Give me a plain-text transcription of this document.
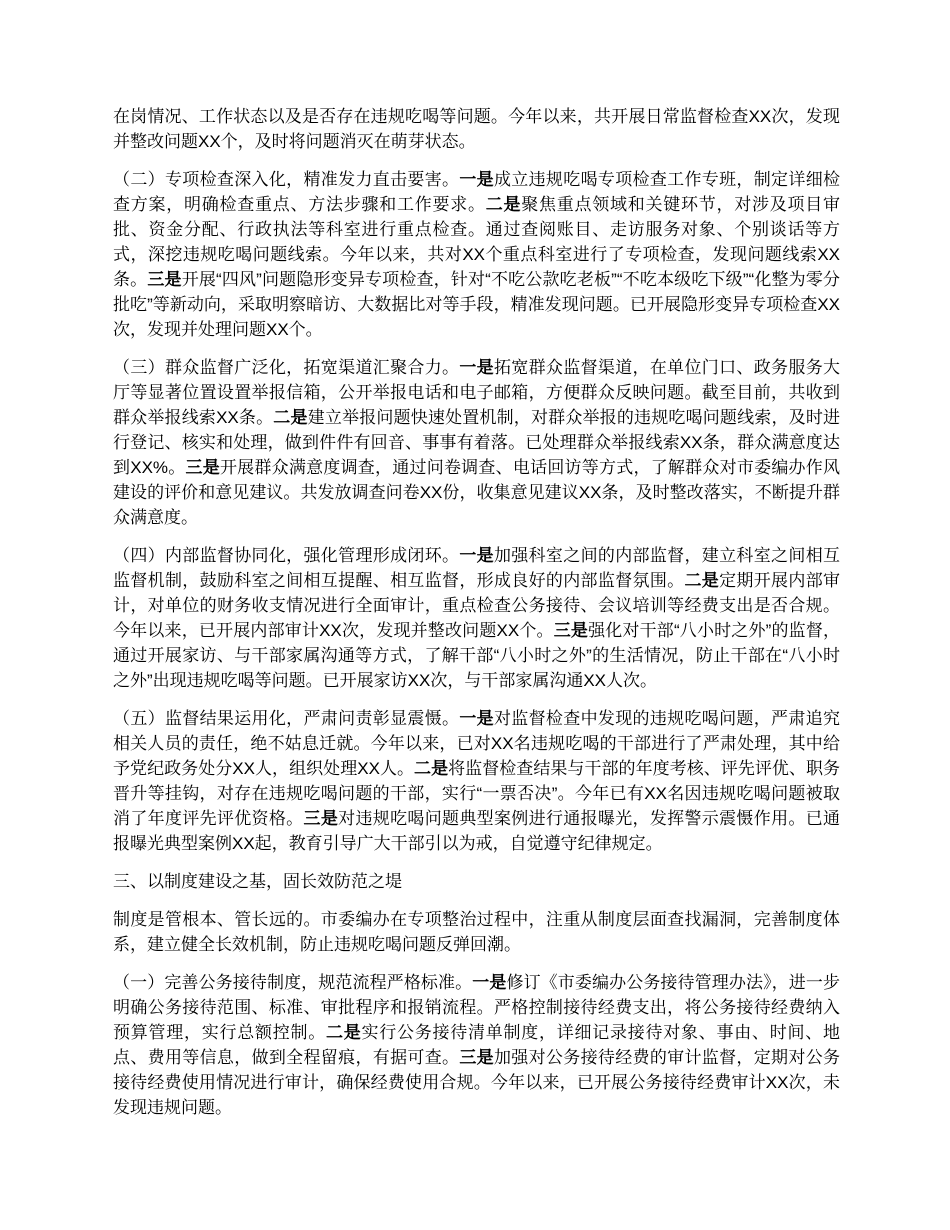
在岗情况、工作状态以及是否存在违规吃喝等问题。今年以来，共开展日常监督检查XX次，发现并整改问题XX个，及时将问题消灭在萌芽状态。

（二）专项检查深入化，精准发力直击要害。一是成立违规吃喝专项检查工作专班，制定详细检查方案，明确检查重点、方法步骤和工作要求。二是聚焦重点领域和关键环节，对涉及项目审批、资金分配、行政执法等科室进行重点检查。通过查阅账目、走访服务对象、个别谈话等方式，深挖违规吃喝问题线索。今年以来，共对XX个重点科室进行了专项检查，发现问题线索XX条。三是开展“四风”问题隐形变异专项检查，针对“不吃公款吃老板”“不吃本级吃下级”“化整为零分批吃”等新动向，采取明察暗访、大数据比对等手段，精准发现问题。已开展隐形变异专项检查XX次，发现并处理问题XX个。

（三）群众监督广泛化，拓宽渠道汇聚合力。一是拓宽群众监督渠道，在单位门口、政务服务大厅等显著位置设置举报信箱，公开举报电话和电子邮箱，方便群众反映问题。截至目前，共收到群众举报线索XX条。二是建立举报问题快速处置机制，对群众举报的违规吃喝问题线索，及时进行登记、核实和处理，做到件件有回音、事事有着落。已处理群众举报线索XX条，群众满意度达到XX%。三是开展群众满意度调查，通过问卷调查、电话回访等方式，了解群众对市委编办作风建设的评价和意见建议。共发放调查问卷XX份，收集意见建议XX条，及时整改落实，不断提升群众满意度。

（四）内部监督协同化，强化管理形成闭环。一是加强科室之间的内部监督，建立科室之间相互监督机制，鼓励科室之间相互提醒、相互监督，形成良好的内部监督氛围。二是定期开展内部审计，对单位的财务收支情况进行全面审计，重点检查公务接待、会议培训等经费支出是否合规。今年以来，已开展内部审计XX次，发现并整改问题XX个。三是强化对干部“八小时之外”的监督，通过开展家访、与干部家属沟通等方式，了解干部“八小时之外”的生活情况，防止干部在“八小时之外”出现违规吃喝等问题。已开展家访XX次，与干部家属沟通XX人次。

（五）监督结果运用化，严肃问责彰显震慑。一是对监督检查中发现的违规吃喝问题，严肃追究相关人员的责任，绝不姑息迁就。今年以来，已对XX名违规吃喝的干部进行了严肃处理，其中给予党纪政务处分XX人，组织处理XX人。二是将监督检查结果与干部的年度考核、评先评优、职务晋升等挂钩，对存在违规吃喝问题的干部，实行“一票否决”。今年已有XX名因违规吃喝问题被取消了年度评先评优资格。三是对违规吃喝问题典型案例进行通报曝光，发挥警示震慑作用。已通报曝光典型案例XX起，教育引导广大干部引以为戒，自觉遵守纪律规定。

三、以制度建设之基，固长效防范之堤

制度是管根本、管长远的。市委编办在专项整治过程中，注重从制度层面查找漏洞，完善制度体系，建立健全长效机制，防止违规吃喝问题反弹回潮。

（一）完善公务接待制度，规范流程严格标准。一是修订《市委编办公务接待管理办法》，进一步明确公务接待范围、标准、审批程序和报销流程。严格控制接待经费支出，将公务接待经费纳入预算管理，实行总额控制。二是实行公务接待清单制度，详细记录接待对象、事由、时间、地点、费用等信息，做到全程留痕，有据可查。三是加强对公务接待经费的审计监督，定期对公务接待经费使用情况进行审计，确保经费使用合规。今年以来，已开展公务接待经费审计XX次，未发现违规问题。
